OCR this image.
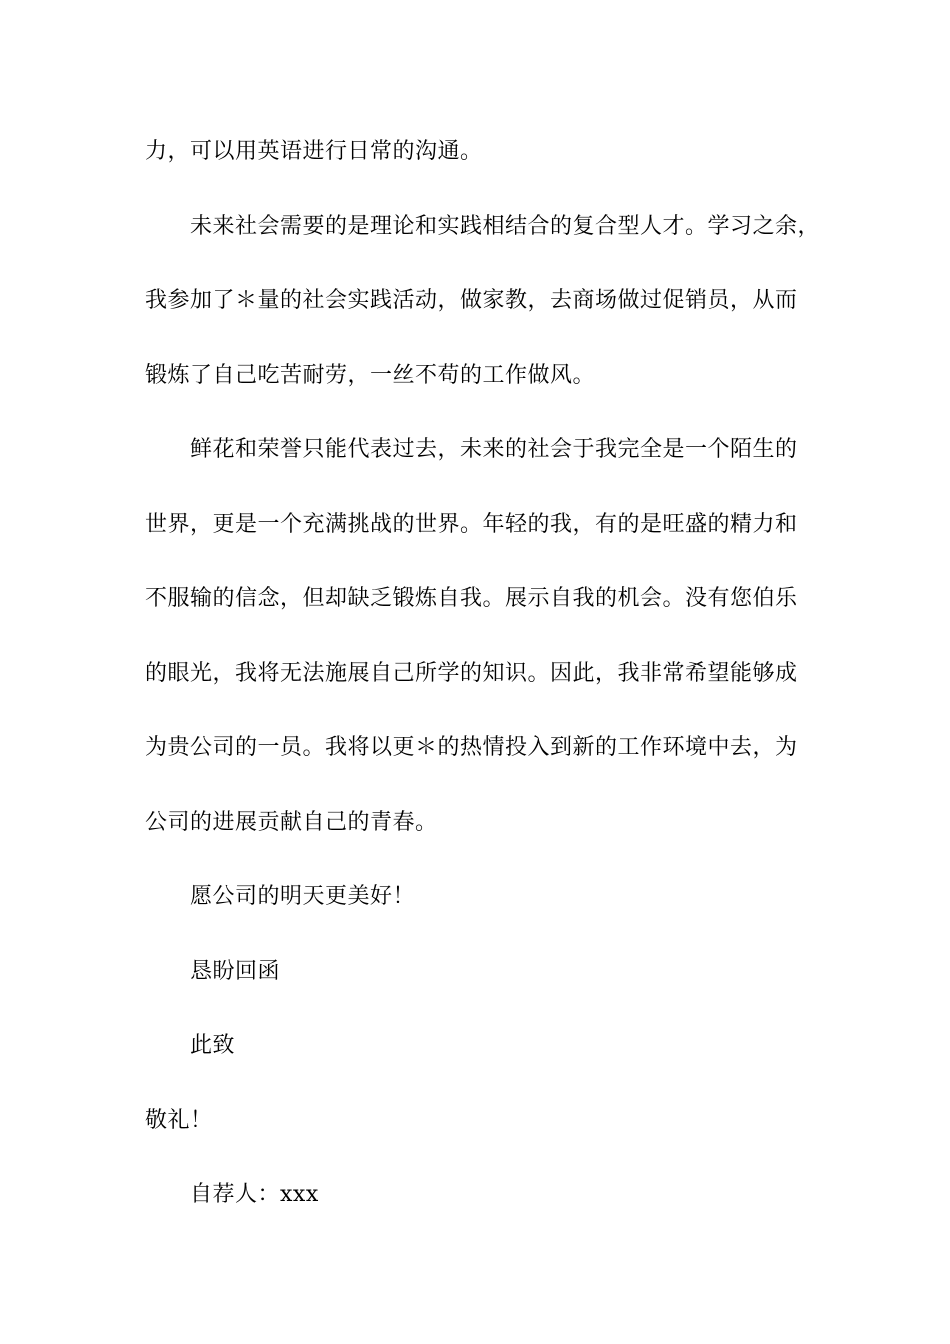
力，可以用英语进行日常的沟通。
未来社会需要的是理论和实践相结合的复合型人才。学习之余，
我参加了＊量的社会实践活动，做家教，去商场做过促销员，从而
锻炼了自己吃苦耐劳，一丝不苟的工作做风。
鲜花和荣誉只能代表过去，未来的社会于我完全是一个陌生的
世界，更是一个充满挑战的世界。年轻的我，有的是旺盛的精力和
不服输的信念，但却缺乏锻炼自我。展示自我的机会。没有您伯乐
的眼光，我将无法施展自己所学的知识。因此，我非常希望能够成
为贵公司的一员。我将以更＊的热情投入到新的工作环境中去，为
公司的进展贡献自己的青春。
愿公司的明天更美好！
恳盼回函
此致
敬礼！
自荐人：xxx
